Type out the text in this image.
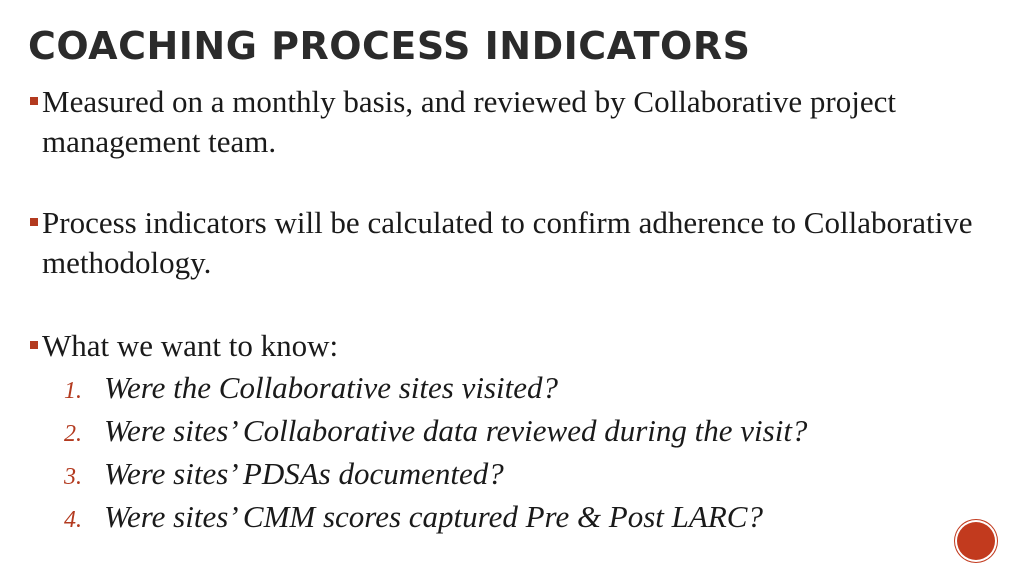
COACHING PROCESS INDICATORS
Measured on a monthly basis, and reviewed by Collaborative project management team.
Process indicators will be calculated to confirm adherence to Collaborative methodology.
What we want to know:
1. Were the Collaborative sites visited?
2. Were sites’ Collaborative data reviewed during the visit?
3. Were sites’ PDSAs documented?
4. Were sites’ CMM scores captured Pre & Post LARC?
